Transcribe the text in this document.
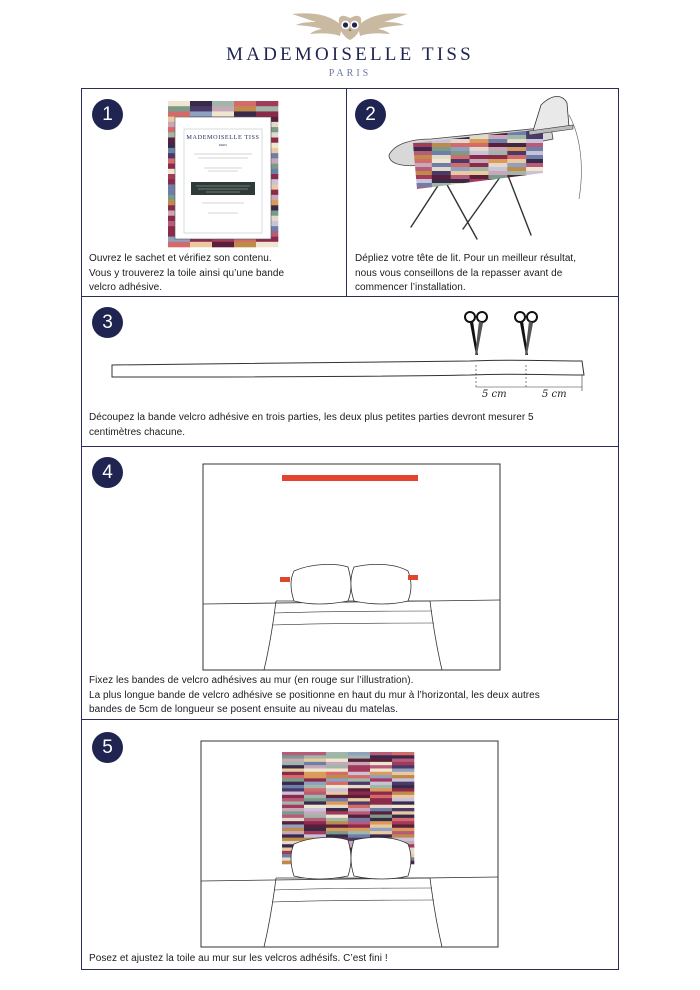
MADEMOISELLE TISS
PARIS
1
MADEMOISELLE TISS
PARIS
Ouvrez le sachet et vérifiez son contenu.
Vous y trouverez la toile ainsi qu’une bande
velcro adhésive.
2
Dépliez votre tête de lit. Pour un meilleur résultat,
nous vous conseillons de la repasser avant de
commencer l’installation.
3
5 cm	5 cm
Découpez la bande velcro adhésive en trois parties, les deux plus petites parties devront mesurer 5
centimètres chacune.
4
Fixez les bandes de velcro adhésives au mur (en rouge sur l’illustration).
La plus longue bande de velcro adhésive se positionne en haut du mur à l’horizontal, les deux autres
bandes de 5cm de longueur se posent ensuite au niveau du matelas.
5
Posez et ajustez la toile au mur sur les velcros adhésifs. C’est fini !
